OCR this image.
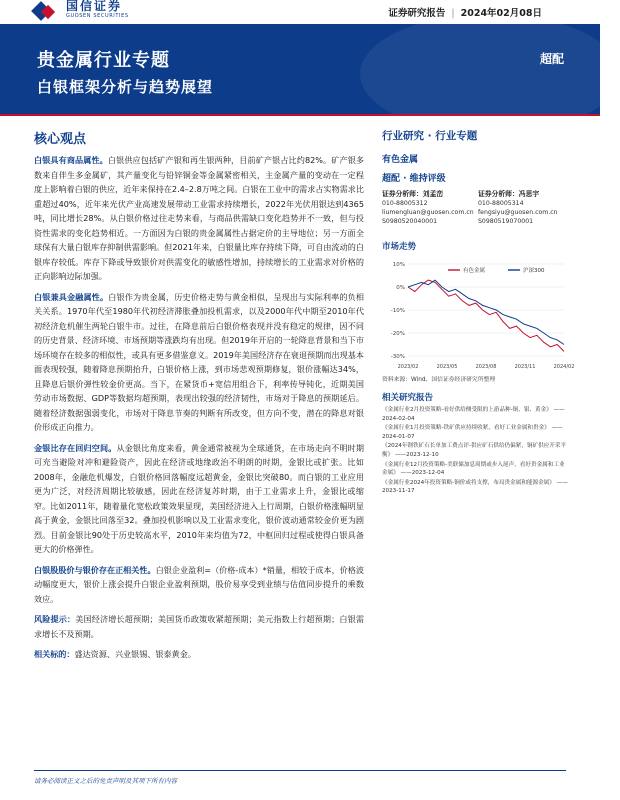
国信证券
GUOSEN SECURITIES	证券研究报告 | 2024年02月08日
贵金属行业专题
白银框架分析与趋势展望
超配
核心观点

白银具有商品属性。白银供应包括矿产银和再生银两种，目前矿产银占比约82%。矿产银多数来自伴生多金属矿，其产量变化与铅锌铜金等金属紧密相关，主金属产量的变动在一定程度上影响着白银的供应，近年来保持在2.4–2.8万吨之间。白银在工业中的需求占实物需求比重超过40%，近年来光伏产业高速发展带动工业需求持续增长，2022年光伏用银达到4365吨，同比增长28%。从白银价格过往走势来看，与商品供需缺口变化趋势并不一致，但与投资性需求的变化趋势相近。一方面因为白银的贵金属属性占据定价的主导地位；另一方面全球保有大量白银库存抑制供需影响。但2021年来，白银量比库存持续下降，可自由流动的白银库存较低。库存下降或导致银价对供需变化的敏感性增加，持续增长的工业需求对价格的正向影响边际加强。

白银兼具金融属性。白银作为贵金属，历史价格走势与黄金相似，呈现出与实际利率的负相关关系。1970年代至1980年代初经济滞胀叠加投机需求，以及2000年代中期至2010年代初经济危机催生两轮白银牛市。过往，在降息前后白银价格表现并没有稳定的规律，因不同的历史背景、经济环境、市场预期等涨跌均有出现。但2019年开启的一轮降息背景和当下市场环境存在较多的相似性，或具有更多借鉴意义。2019年美国经济存在衰退预期而出现基本面表现较强，随着降息预期抬升，白银价格上涨，到市场悲观预期修复，银价涨幅达34%，且降息后银价弹性较金价更高。当下，在紧货币+宽信用组合下，利率传导钝化，近期美国劳动市场数据、GDP等数据均超预期，表现出较强的经济韧性，市场对于降息的预期延后。随着经济数据强弱变化，市场对于降息节奏的判断有所改变，但方向不变，潜在的降息对银价形成正向推力。

金银比存在回归空间。从金银比角度来看，黄金通常被视为全球通货，在市场走向不明时期可充当避险对冲和避险资产，因此在经济或地缘政治不明朗的时期，金银比或扩张。比如2008年，金融危机爆发，白银价格回落幅度远超黄金，金银比突破80。而白银的工业应用更为广泛，对经济周期比较敏感，因此在经济复苏时期，由于工业需求上升，金银比或缩窄。比如2011年，随着量化宽松政策效果显现，美国经济进入上行周期，白银价格涨幅明显高于黄金，金银比回落至32。叠加投机影响以及工业需求变化，银价波动通常较金价更为剧烈。目前金银比90处于历史较高水平，2010年来均值为72，中枢回归过程或使得白银具备更大的价格弹性。

白银股股价与银价存在正相关性。白银企业盈利=（价格-成本）*销量，相较于成本，价格波动幅度更大，银价上涨会提升白银企业盈利预期，股价易享受到业绩与估值同步提升的乘数效应。

风险提示：美国经济增长超预期；美国货币政策收紧超预期；美元指数上行超预期；白银需求增长不及预期。

相关标的：盛达资源、兴业银锡、银泰黄金。

行业研究 · 行业专题
有色金属
超配 · 维持评级
证券分析师：刘孟峦
010-88005312
liumengluan@guosen.com.cn
S0980520040001
证券分析师：冯思宇
010-88005314
fengsiyu@guosen.com.cn
S0980519070001
市场走势
10%
0%
-10%
-20%
-30%
2023/02	2023/05	2023/08	2023/11	2024/02
有色金属	沪深300
资料来源：Wind、国信证券经济研究所整理
相关研究报告
《金属行业2月投资策略-看好供给侧受限的上游品种-铜、银、黄金》 ——2024-02-04
《金属行业1月投资策略-铁矿供应持续收紧，看好工业金属和贵金》 ——2024-01-07
《2024年钢铁矿石长单加工费点评-供应矿石供给仍偏紧，铜矿供应开采平衡》 ——2023-12-10
《金属行业12月投资策略-美联储加息周期或步入尾声，看好贵金属和工业金属》 ——2023-12-04
《金属行业2024年投资策略-铜价或将支撑，布局贵金属和能源金属》 ——2023-11-17
请务必阅读正文之后的免责声明及其项下所有内容
